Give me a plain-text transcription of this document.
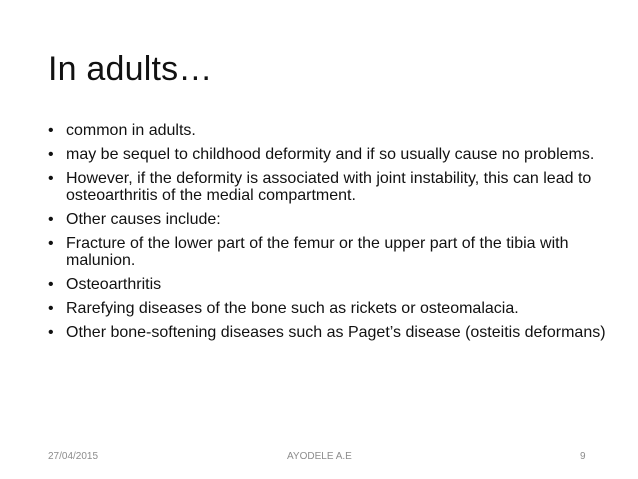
In adults…
• common in adults.
• may be sequel to childhood deformity and if so usually cause no problems.
• However, if the deformity is associated with joint instability, this can lead to osteoarthritis of the medial compartment.
• Other causes include:
• Fracture of the lower part of the femur or the upper part of the tibia with malunion.
• Osteoarthritis
• Rarefying diseases of the bone such as rickets or osteomalacia.
• Other bone-softening diseases such as Paget’s disease (osteitis deformans)
27/04/2015	AYODELE A.E	9
